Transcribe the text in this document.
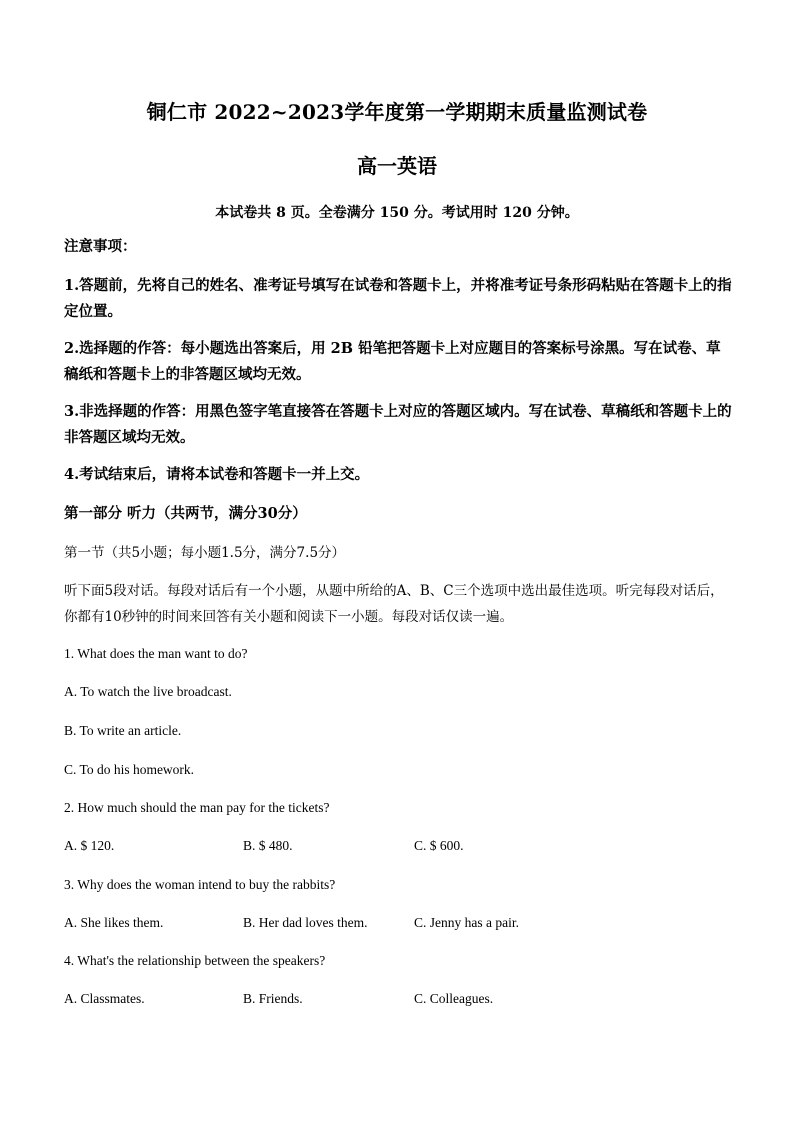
铜仁市 2022~2023学年度第一学期期末质量监测试卷
高一英语
本试卷共 8 页。全卷满分 150 分。考试用时 120 分钟。
注意事项：
1.答题前，先将自己的姓名、准考证号填写在试卷和答题卡上，并将准考证号条形码粘贴在答题卡上的指定位置。
2.选择题的作答：每小题选出答案后，用 2B 铅笔把答题卡上对应题目的答案标号涂黑。写在试卷、草稿纸和答题卡上的非答题区域均无效。
3.非选择题的作答：用黑色签字笔直接答在答题卡上对应的答题区域内。写在试卷、草稿纸和答题卡上的非答题区域均无效。
4.考试结束后，请将本试卷和答题卡一并上交。
第一部分 听力（共两节，满分30分）
第一节（共5小题；每小题1.5分，满分7.5分）
听下面5段对话。每段对话后有一个小题，从题中所给的A、B、C三个选项中选出最佳选项。听完每段对话后，你都有10秒钟的时间来回答有关小题和阅读下一小题。每段对话仅读一遍。
1. What does the man want to do?
A. To watch the live broadcast.
B. To write an article.
C. To do his homework.
2. How much should the man pay for the tickets?
A. $ 120.	B. $ 480.	C. $ 600.
3. Why does the woman intend to buy the rabbits?
A. She likes them.	B. Her dad loves them.	C. Jenny has a pair.
4. What's the relationship between the speakers?
A. Classmates.	B. Friends.	C. Colleagues.
